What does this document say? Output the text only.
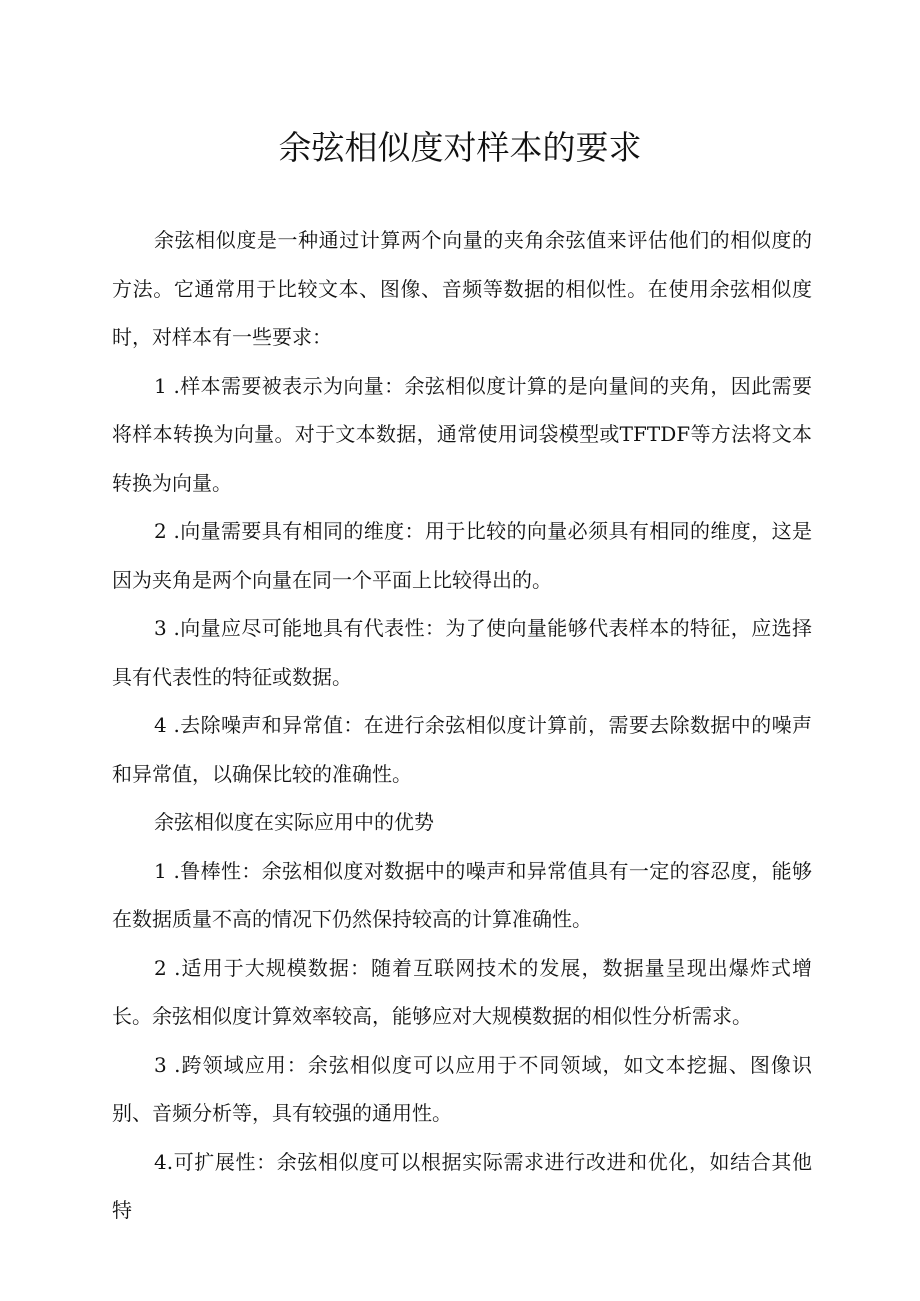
余弦相似度对样本的要求

余弦相似度是一种通过计算两个向量的夹角余弦值来评估他们的相似度的方法。它通常用于比较文本、图像、音频等数据的相似性。在使用余弦相似度时，对样本有一些要求：

1 .样本需要被表示为向量：余弦相似度计算的是向量间的夹角，因此需要将样本转换为向量。对于文本数据，通常使用词袋模型或TFTDF等方法将文本转换为向量。

2 .向量需要具有相同的维度：用于比较的向量必须具有相同的维度，这是因为夹角是两个向量在同一个平面上比较得出的。

3 .向量应尽可能地具有代表性：为了使向量能够代表样本的特征，应选择具有代表性的特征或数据。

4 .去除噪声和异常值：在进行余弦相似度计算前，需要去除数据中的噪声和异常值，以确保比较的准确性。

余弦相似度在实际应用中的优势

1 .鲁棒性：余弦相似度对数据中的噪声和异常值具有一定的容忍度，能够在数据质量不高的情况下仍然保持较高的计算准确性。

2 .适用于大规模数据：随着互联网技术的发展，数据量呈现出爆炸式增长。余弦相似度计算效率较高，能够应对大规模数据的相似性分析需求。

3 .跨领域应用：余弦相似度可以应用于不同领域，如文本挖掘、图像识别、音频分析等，具有较强的通用性。

4.可扩展性：余弦相似度可以根据实际需求进行改进和优化，如结合其他特
